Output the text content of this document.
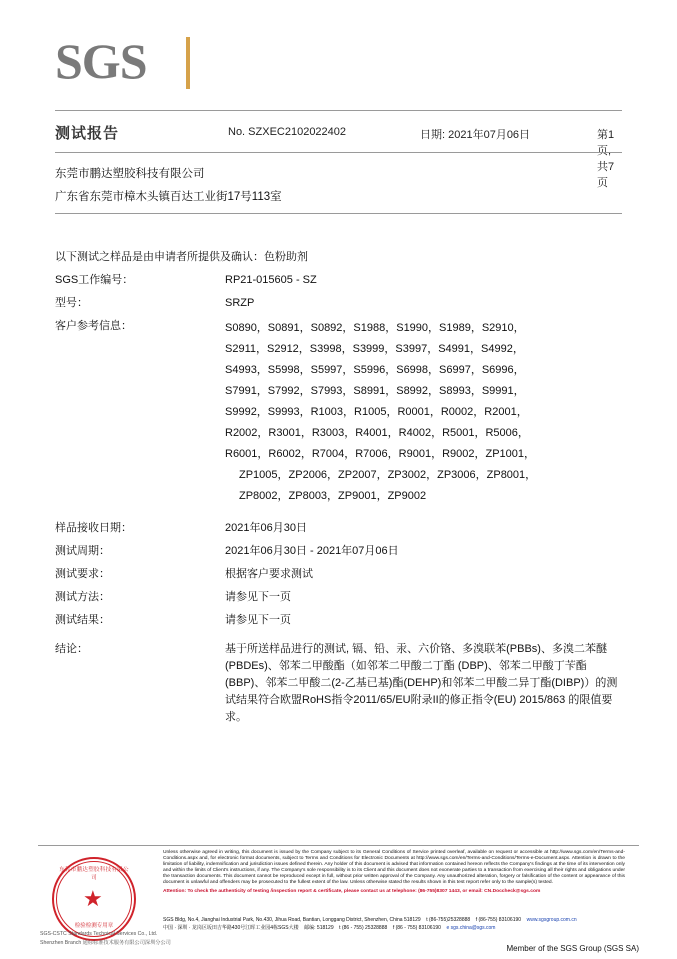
SGS
测试报告	No. SZXEC2102022402	日期: 2021年07月06日	第1页,共7页
东莞市鹏达塑胶科技有限公司
广东省东莞市樟木头镇百达工业街17号113室
以下测试之样品是由申请者所提供及确认：色粉助剂
SGS工作编号：	RP21-015605 - SZ
型号：	SRZP
客户参考信息：	S0890，S0891，S0892，S1988，S1990，S1989，S2910，
S2911，S2912，S3998，S3999，S3997，S4991，S4992，
S4993，S5998，S5997，S5996，S6998，S6997，S6996，
S7991，S7992，S7993，S8991，S8992，S8993，S9991，
S9992，S9993，R1003，R1005，R0001，R0002，R2001，
R2002，R3001，R3003，R4001，R4002，R5001，R5006，
R6001，R6002，R7004，R7006，R9001，R9002，ZP1001，
ZP1005，ZP2006，ZP2007，ZP3002，ZP3006，ZP8001，
ZP8002，ZP8003，ZP9001，ZP9002
样品接收日期：	2021年06月30日
测试周期：	2021年06月30日 - 2021年07月06日
测试要求：	根据客户要求测试
测试方法：	请参见下一页
测试结果：	请参见下一页
结论：	基于所送样品进行的测试, 镉、铅、汞、六价铬、多溴联苯(PBBs)、多溴二苯醚(PBDEs)、邻苯二甲酸酯（如邻苯二甲酸二丁酯 (DBP)、邻苯二甲酸丁苄酯(BBP)、邻苯二甲酸二(2-乙基已基)酯(DEHP)和邻苯二甲酸二异丁酯(DIBP)）的测试结果符合欧盟RoHS指令2011/65/EU附录II的修正指令(EU) 2015/863 的限值要求。
东莞市鹏达塑胶科技有限公司
★
检验检测专用章
SGS-CSTC Standards Technical Services Co., Ltd.
Shenzhen Branch 通标标准技术服务有限公司深圳分公司
Unless otherwise agreed in writing, this document is issued by the Company subject to its General Conditions of Service printed overleaf, available on request or accessible at http://www.sgs.com/en/Terms-and-Conditions.aspx and, for electronic format documents, subject to Terms and Conditions for Electronic Documents at http://www.sgs.com/en/Terms-and-Conditions/Terms-e-Document.aspx. Attention is drawn to the limitation of liability, indemnification and jurisdiction issues defined therein. Any holder of this document is advised that information contained hereon reflects the Company's findings at the time of its intervention only and within the limits of Client's instructions, if any. The Company's sole responsibility is to its Client and this document does not exonerate parties to a transaction from exercising all their rights and obligations under the transaction documents. This document cannot be reproduced except in full, without prior written approval of the Company. Any unauthorized alteration, forgery or falsification of the content or appearance of this document is unlawful and offenders may be prosecuted to the fullest extent of the law. Unless otherwise stated the results shown in this test report refer only to the sample(s) tested.
Attention: To check the authenticity of testing /inspection report & certificate, please contact us at telephone: (86-755)8307 1443, or email: CN.Doccheck@sgs.com
SGS Bldg, No.4, Jianghai Industrial Park, No.430, Jihua Road, Bantian, Longgang District, Shenzhen, China 518129 t (86-755)25328888 f (86-755) 83106190 www.sgsgroup.com.cn
中国 · 深圳 · 龙岗区坂田吉华路430号江晖工业园4栋SGS大楼 邮编: 518129 t (86 - 755) 25328888 f (86 - 755) 83106190 e sgs.china@sgs.com
Member of the SGS Group (SGS SA)
